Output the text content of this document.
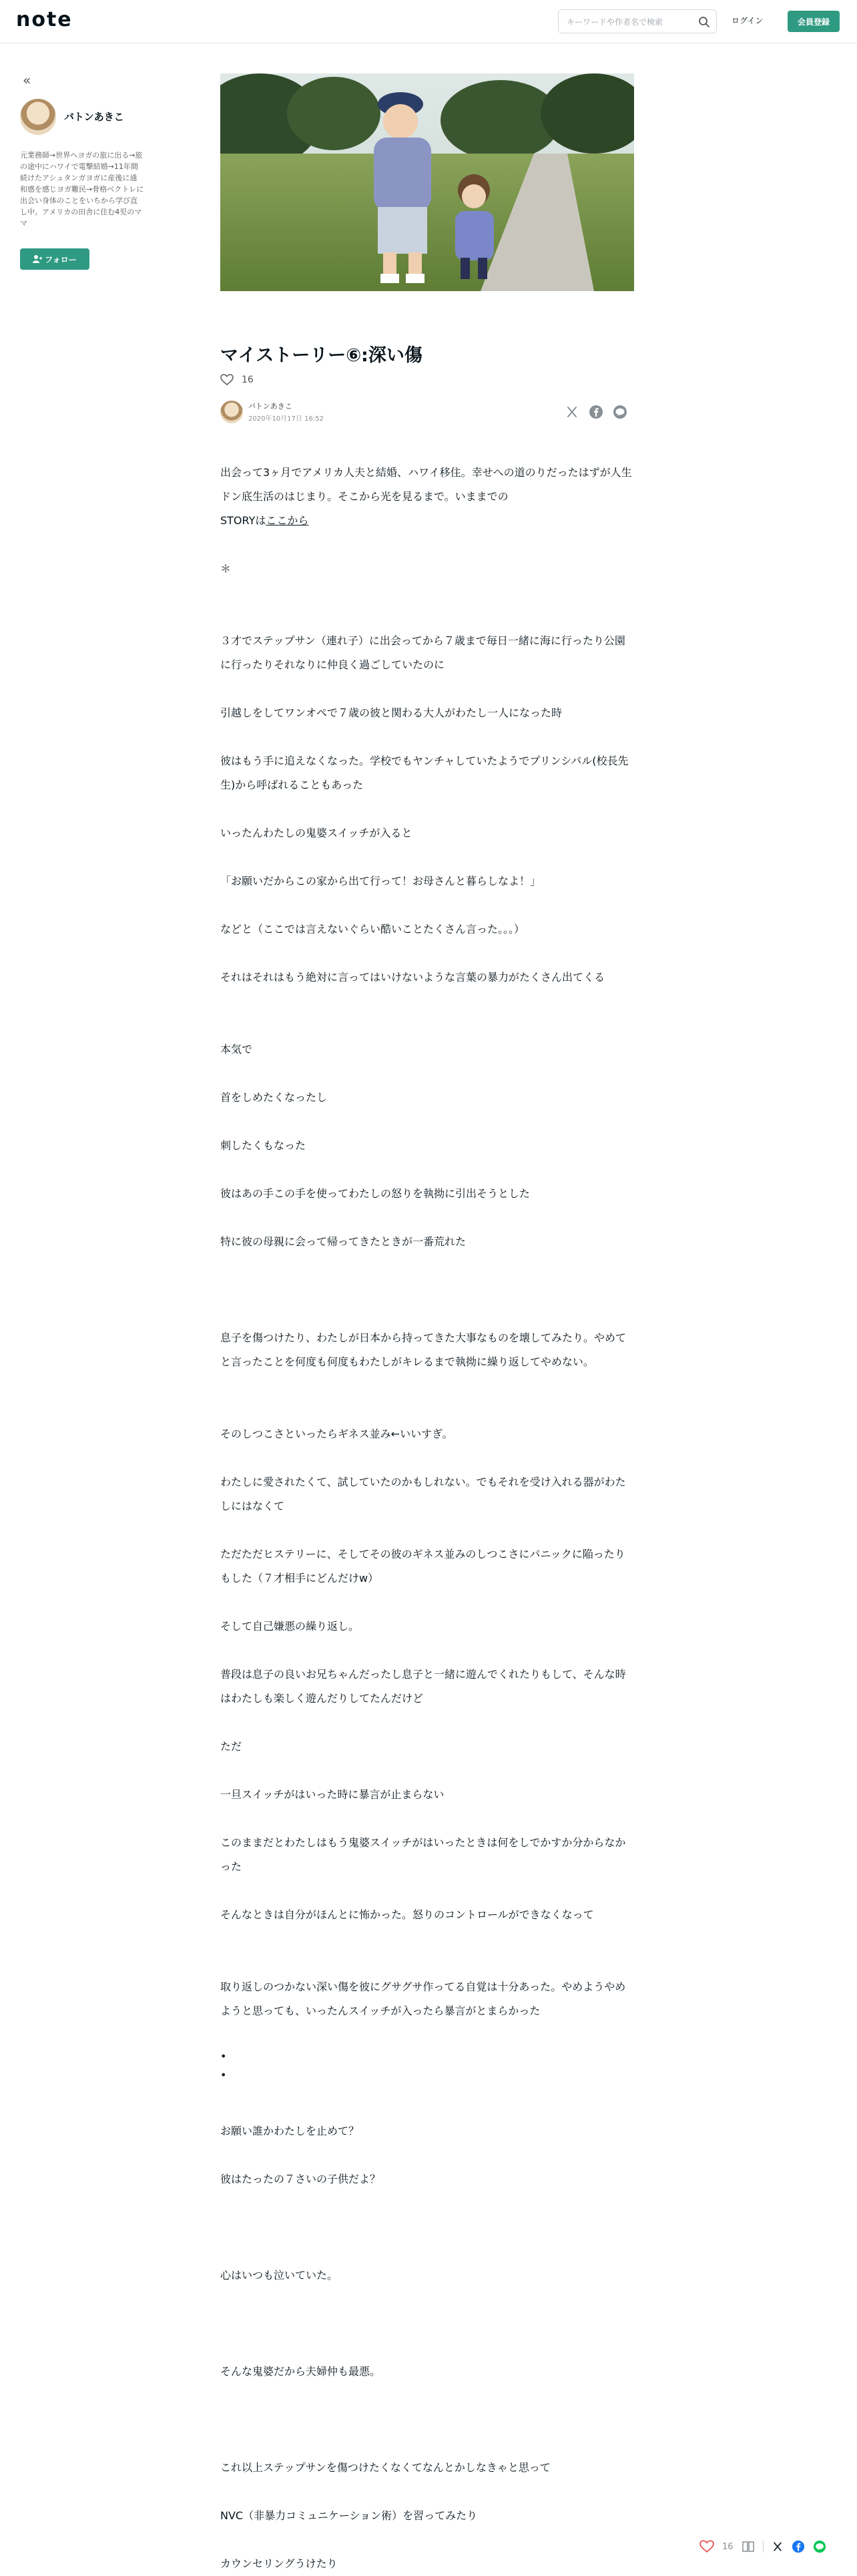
note
キーワードや作者名で検索	ログイン	会員登録
«
バトンあきこ
元業務師→世界ヘヨガの旅に出る→旅の途中にハワイで電撃結婚→11年間続けたアシュタンガヨガに産後に通和感を感じヨガ難民→骨格ベクトレに出会い身体のことをいちから学び直し中。アメリカの田舎に住む4児のママ
フォロー
マイストーリー⑥:深い傷
16
バトンあきこ
2020年10月17日 16:52
出会って3ヶ月でアメリカ人夫と結婚、ハワイ移住。幸せへの道のりだったはずが人生ドン底生活のはじまり。そこから光を見るまで。いままでの
STORYはここから
＊
３才でステップサン（連れ子）に出会ってから７歳まで毎日一緒に海に行ったり公園に行ったりそれなりに仲良く過ごしていたのに
引越しをしてワンオペで７歳の彼と関わる大人がわたし一人になった時
彼はもう手に追えなくなった。学校でもヤンチャしていたようでプリンシパル(校長先生)から呼ばれることもあった
いったんわたしの鬼婆スイッチが入ると
「お願いだからこの家から出て行って！お母さんと暮らしなよ！」
などと（ここでは言えないぐらい酷いことたくさん言った。。。）
それはそれはもう絶対に言ってはいけないような言葉の暴力がたくさん出てくる
本気で
首をしめたくなったし
刺したくもなった
彼はあの手この手を使ってわたしの怒りを執拗に引出そうとした
特に彼の母親に会って帰ってきたときが一番荒れた
息子を傷つけたり、わたしが日本から持ってきた大事なものを壊してみたり。やめてと言ったことを何度も何度もわたしがキレるまで執拗に繰り返してやめない。
そのしつこさといったらギネス並み←いいすぎ。
わたしに愛されたくて、試していたのかもしれない。でもそれを受け入れる器がわたしにはなくて
ただただヒステリーに、そしてその彼のギネス並みのしつこさにパニックに陥ったりもした（７才相手にどんだけw）
そして自己嫌悪の繰り返し。
普段は息子の良いお兄ちゃんだったし息子と一緒に遊んでくれたりもして、そんな時はわたしも楽しく遊んだりしてたんだけど
ただ
一旦スイッチがはいった時に暴言が止まらない
このままだとわたしはもう鬼婆スイッチがはいったときは何をしでかすか分からなかった
そんなときは自分がほんとに怖かった。怒りのコントロールができなくなって
取り返しのつかない深い傷を彼にグサグサ作ってる自覚は十分あった。やめようやめようと思っても、いったんスイッチが入ったら暴言がとまらかった
•
•
お願い誰かわたしを止めて？
彼はたったの７さいの子供だよ？
心はいつも泣いていた。
そんな鬼婆だから夫婦仲も最悪。
これ以上ステップサンを傷つけたくなくてなんとかしなきゃと思って
NVC（非暴力コミュニケーション術）を習ってみたり
カウンセリングうけたり
16
